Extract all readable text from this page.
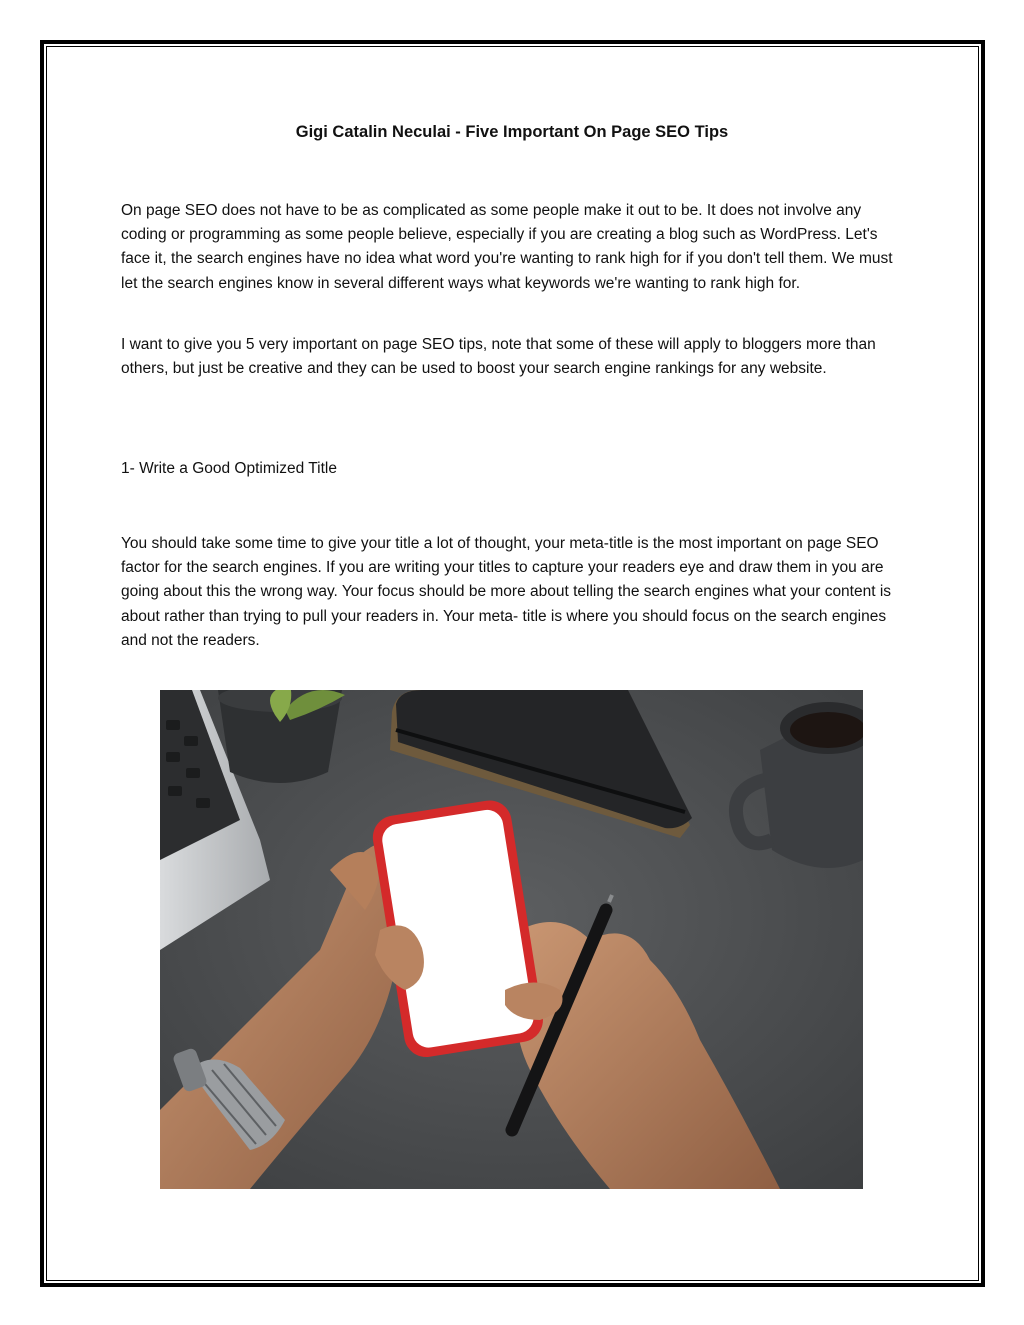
Gigi Catalin Neculai - Five Important On Page SEO Tips

On page SEO does not have to be as complicated as some people make it out to be. It does not involve any coding or programming as some people believe, especially if you are creating a blog such as WordPress. Let's face it, the search engines have no idea what word you're wanting to rank high for if you don't tell them. We must let the search engines know in several different ways what keywords we're wanting to rank high for.

I want to give you 5 very important on page SEO tips, note that some of these will apply to bloggers more than others, but just be creative and they can be used to boost your search engine rankings for any website.

1- Write a Good Optimized Title

You should take some time to give your title a lot of thought, your meta-title is the most important on page SEO factor for the search engines. If you are writing your titles to capture your readers eye and draw them in you are going about this the wrong way. Your focus should be more about telling the search engines what your content is about rather than trying to pull your readers in. Your meta- title is where you should focus on the search engines and not the readers.
